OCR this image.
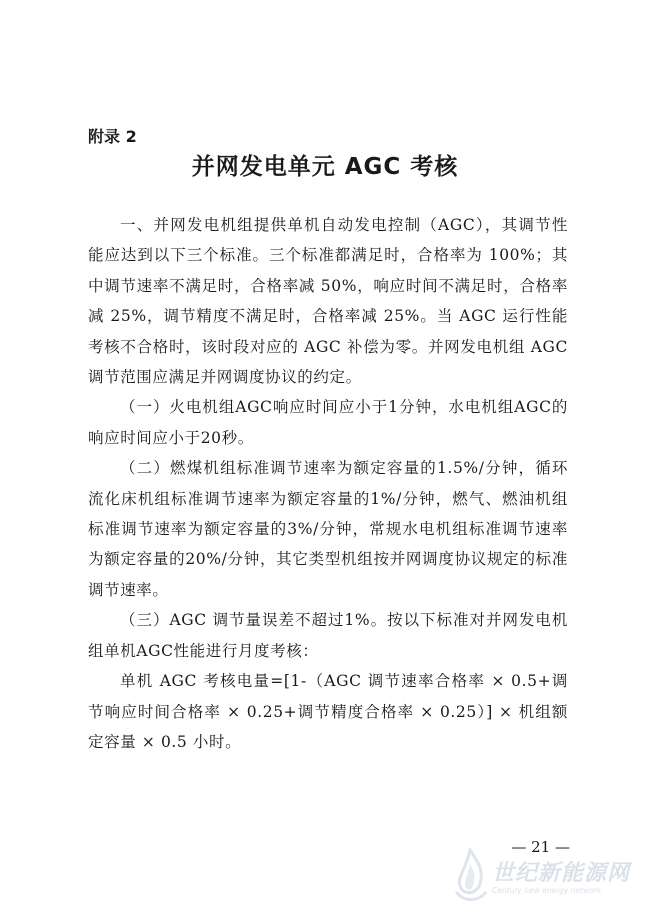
附录 2
并网发电单元 AGC 考核

一、并网发电机组提供单机自动发电控制（AGC），其调节性能应达到以下三个标准。三个标准都满足时，合格率为 100%；其中调节速率不满足时，合格率减 50%，响应时间不满足时，合格率减 25%，调节精度不满足时，合格率减 25%。当 AGC 运行性能考核不合格时，该时段对应的 AGC 补偿为零。并网发电机组 AGC 调节范围应满足并网调度协议的约定。

（一）火电机组AGC响应时间应小于1分钟，水电机组AGC的响应时间应小于20秒。

（二）燃煤机组标准调节速率为额定容量的1.5%/分钟，循环流化床机组标准调节速率为额定容量的1%/分钟，燃气、燃油机组标准调节速率为额定容量的3%/分钟，常规水电机组标准调节速率为额定容量的20%/分钟，其它类型机组按并网调度协议规定的标准调节速率。

（三）AGC 调节量误差不超过1%。按以下标准对并网发电机组单机AGC性能进行月度考核：

单机 AGC 考核电量=[1-（AGC 调节速率合格率 × 0.5+调节响应时间合格率 × 0.25+调节精度合格率 × 0.25）] × 机组额定容量 × 0.5 小时。

— 21 —
世纪新能源网
Century new energy network
